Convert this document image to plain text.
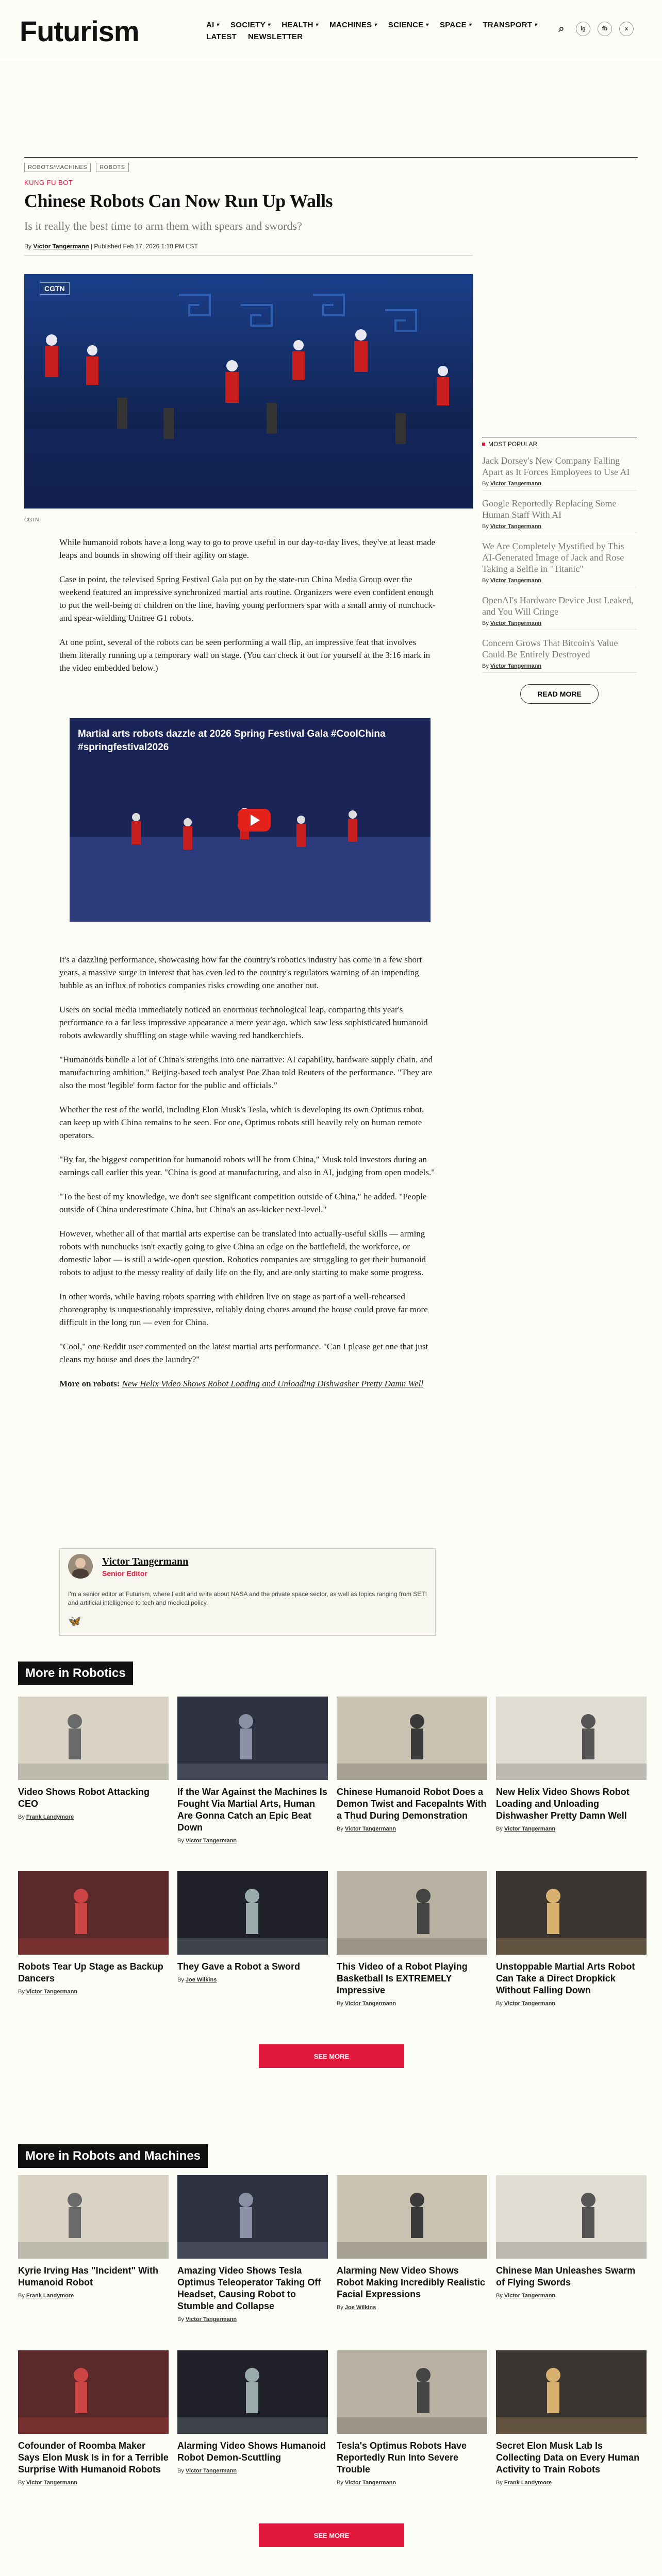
Futurism	AI ▾ SOCIETY ▾ HEALTH ▾ MACHINES ▾ SCIENCE ▾ SPACE ▾ TRANSPORT ▾
LATEST NEWSLETTER
⌕	ig	fb	x
ROBOTS/MACHINES	ROBOTS
KUNG FU BOT
Chinese Robots Can Now Run Up Walls
Is it really the best time to arm them with spears and swords?
By Victor Tangermann | Published Feb 17, 2026 1:10 PM EST
CGTN
CGTN

While humanoid robots have a long way to go to prove useful in our day-to-day lives, they've at least made leaps and bounds in showing off their agility on stage.

Case in point, the televised Spring Festival Gala put on by the state-run China Media Group over the weekend featured an impressive synchronized martial arts routine. Organizers were even confident enough to put the well-being of children on the line, having young performers spar with a small army of nunchuck- and spear-wielding Unitree G1 robots.

At one point, several of the robots can be seen performing a wall flip, an impressive feat that involves them literally running up a temporary wall on stage. (You can check it out for yourself at the 3:16 mark in the video embedded below.)

Martial arts robots dazzle at 2026 Spring Festival Gala #CoolChina #springfestival2026

It's a dazzling performance, showcasing how far the country's robotics industry has come in a few short years, a massive surge in interest that has even led to the country's regulators warning of an impending bubble as an influx of robotics companies risks crowding one another out.

Users on social media immediately noticed an enormous technological leap, comparing this year's performance to a far less impressive appearance a mere year ago, which saw less sophisticated humanoid robots awkwardly shuffling on stage while waving red handkerchiefs.

"Humanoids bundle a lot of China's strengths into one narrative: AI capability, hardware supply chain, and manufacturing ambition," Beijing-based tech analyst Poe Zhao told Reuters of the performance. "They are also the most 'legible' form factor for the public and officials."

Whether the rest of the world, including Elon Musk's Tesla, which is developing its own Optimus robot, can keep up with China remains to be seen. For one, Optimus robots still heavily rely on human remote operators.

"By far, the biggest competition for humanoid robots will be from China," Musk told investors during an earnings call earlier this year. "China is good at manufacturing, and also in AI, judging from open models."

"To the best of my knowledge, we don't see significant competition outside of China," he added. "People outside of China underestimate China, but China's an ass-kicker next-level."

However, whether all of that martial arts expertise can be translated into actually-useful skills — arming robots with nunchucks isn't exactly going to give China an edge on the battlefield, the workforce, or domestic labor — is still a wide-open question. Robotics companies are struggling to get their humanoid robots to adjust to the messy reality of daily life on the fly, and are only starting to make some progress.

In other words, while having robots sparring with children live on stage as part of a well-rehearsed choreography is unquestionably impressive, reliably doing chores around the house could prove far more difficult in the long run — even for China.

"Cool," one Reddit user commented on the latest martial arts performance. "Can I please get one that just cleans my house and does the laundry?"

More on robots: New Helix Video Shows Robot Loading and Unloading Dishwasher Pretty Damn Well

Victor Tangermann
Senior Editor
I'm a senior editor at Futurism, where I edit and write about NASA and the private space sector, as well as topics ranging from SETI and artificial intelligence to tech and medical policy.
🦋
MOST POPULAR
Jack Dorsey's New Company Falling Apart as It Forces Employees to Use AI
By Victor Tangermann
Google Reportedly Replacing Some Human Staff With AI
By Victor Tangermann
We Are Completely Mystified by This AI-Generated Image of Jack and Rose Taking a Selfie in "Titanic"
By Victor Tangermann
OpenAI's Hardware Device Just Leaked, and You Will Cringe
By Victor Tangermann
Concern Grows That Bitcoin's Value Could Be Entirely Destroyed
By Victor Tangermann
READ MORE
More in Robotics
Video Shows Robot Attacking CEO
By Frank Landymore
If the War Against the Machines Is Fought Via Martial Arts, Human Are Gonna Catch an Epic Beat Down
By Victor Tangermann
Chinese Humanoid Robot Does a Demon Twist and Facepalnts With a Thud During Demonstration
By Victor Tangermann
New Helix Video Shows Robot Loading and Unloading Dishwasher Pretty Damn Well
By Victor Tangermann
Robots Tear Up Stage as Backup Dancers
By Victor Tangermann
They Gave a Robot a Sword
By Joe Wilkins
This Video of a Robot Playing Basketball Is EXTREMELY Impressive
By Victor Tangermann
Unstoppable Martial Arts Robot Can Take a Direct Dropkick Without Falling Down
By Victor Tangermann
SEE MORE
More in Robots and Machines
Kyrie Irving Has "Incident" With Humanoid Robot
By Frank Landymore
Amazing Video Shows Tesla Optimus Teleoperator Taking Off Headset, Causing Robot to Stumble and Collapse
By Victor Tangermann
Alarming New Video Shows Robot Making Incredibly Realistic Facial Expressions
By Joe Wilkins
Chinese Man Unleashes Swarm of Flying Swords
By Victor Tangermann
Cofounder of Roomba Maker Says Elon Musk Is in for a Terrible Surprise With Humanoid Robots
By Victor Tangermann
Alarming Video Shows Humanoid Robot Demon-Scuttling
By Victor Tangermann
Tesla's Optimus Robots Have Reportedly Run Into Severe Trouble
By Victor Tangermann
Secret Elon Musk Lab Is Collecting Data on Every Human Activity to Train Robots
By Frank Landymore
SEE MORE
